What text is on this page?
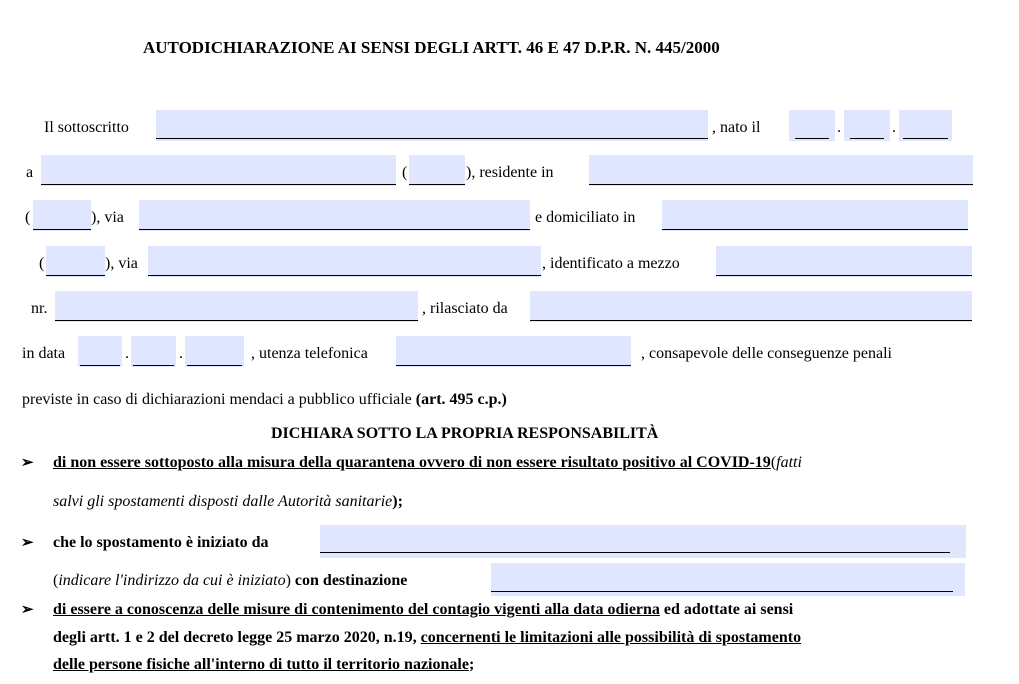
AUTODICHIARAZIONE AI SENSI DEGLI ARTT. 46 E 47 D.P.R. N. 445/2000
Il sottoscritto	, nato il	.	.
a	(	), residente in
(	), via	e domiciliato in
(	), via	, identificato a mezzo
nr.	, rilasciato da
in data	.	.	, utenza telefonica	, consapevole delle conseguenze penali
previste in caso di dichiarazioni mendaci a pubblico ufficiale (art. 495 c.p.)
DICHIARA SOTTO LA PROPRIA RESPONSABILITÀ
➢ di non essere sottoposto alla misura della quarantena ovvero di non essere risultato positivo al COVID-19(fatti
salvi gli spostamenti disposti dalle Autorità sanitarie);
➢ che lo spostamento è iniziato da
(indicare l'indirizzo da cui è iniziato) con destinazione
➢ di essere a conoscenza delle misure di contenimento del contagio vigenti alla data odierna ed adottate ai sensi
degli artt. 1 e 2 del decreto legge 25 marzo 2020, n.19, concernenti le limitazioni alle possibilità di spostamento
delle persone fisiche all'interno di tutto il territorio nazionale;
